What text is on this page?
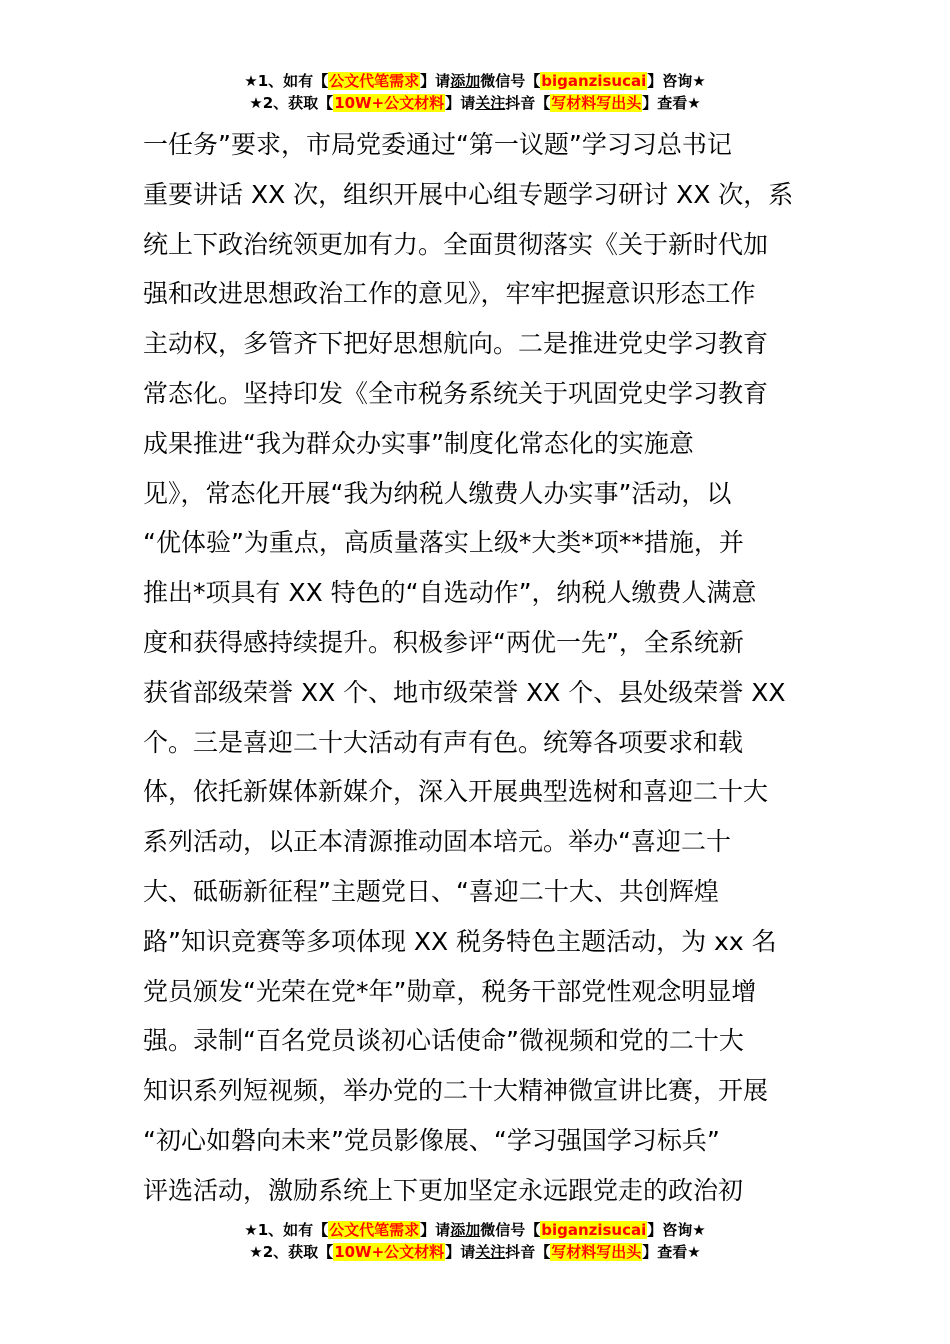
★1、如有【公文代笔需求】请添加微信号【biganzisucai】咨询★
★2、获取【10W+公文材料】请关注抖音【写材料写出头】查看★
一任务”要求，市局党委通过“第一议题”学习习总书记
重要讲话 XX 次，组织开展中心组专题学习研讨 XX 次，系
统上下政治统领更加有力。全面贯彻落实《关于新时代加
强和改进思想政治工作的意见》，牢牢把握意识形态工作
主动权，多管齐下把好思想航向。二是推进党史学习教育
常态化。坚持印发《全市税务系统关于巩固党史学习教育
成果推进“我为群众办实事”制度化常态化的实施意
见》，常态化开展“我为纳税人缴费人办实事”活动，以
“优体验”为重点，高质量落实上级*大类*项**措施，并
推出*项具有 XX 特色的“自选动作”，纳税人缴费人满意
度和获得感持续提升。积极参评“两优一先”，全系统新
获省部级荣誉 XX 个、地市级荣誉 XX 个、县处级荣誉 XX
个。三是喜迎二十大活动有声有色。统筹各项要求和载
体，依托新媒体新媒介，深入开展典型选树和喜迎二十大
系列活动，以正本清源推动固本培元。举办“喜迎二十
大、砥砺新征程”主题党日、“喜迎二十大、共创辉煌
路”知识竞赛等多项体现 XX 税务特色主题活动，为 xx 名
党员颁发“光荣在党*年”勋章，税务干部党性观念明显增
强。录制“百名党员谈初心话使命”微视频和党的二十大
知识系列短视频，举办党的二十大精神微宣讲比赛，开展
“初心如磐向未来”党员影像展、“学习强国学习标兵”
评选活动，激励系统上下更加坚定永远跟党走的政治初
★1、如有【公文代笔需求】请添加微信号【biganzisucai】咨询★
★2、获取【10W+公文材料】请关注抖音【写材料写出头】查看★
